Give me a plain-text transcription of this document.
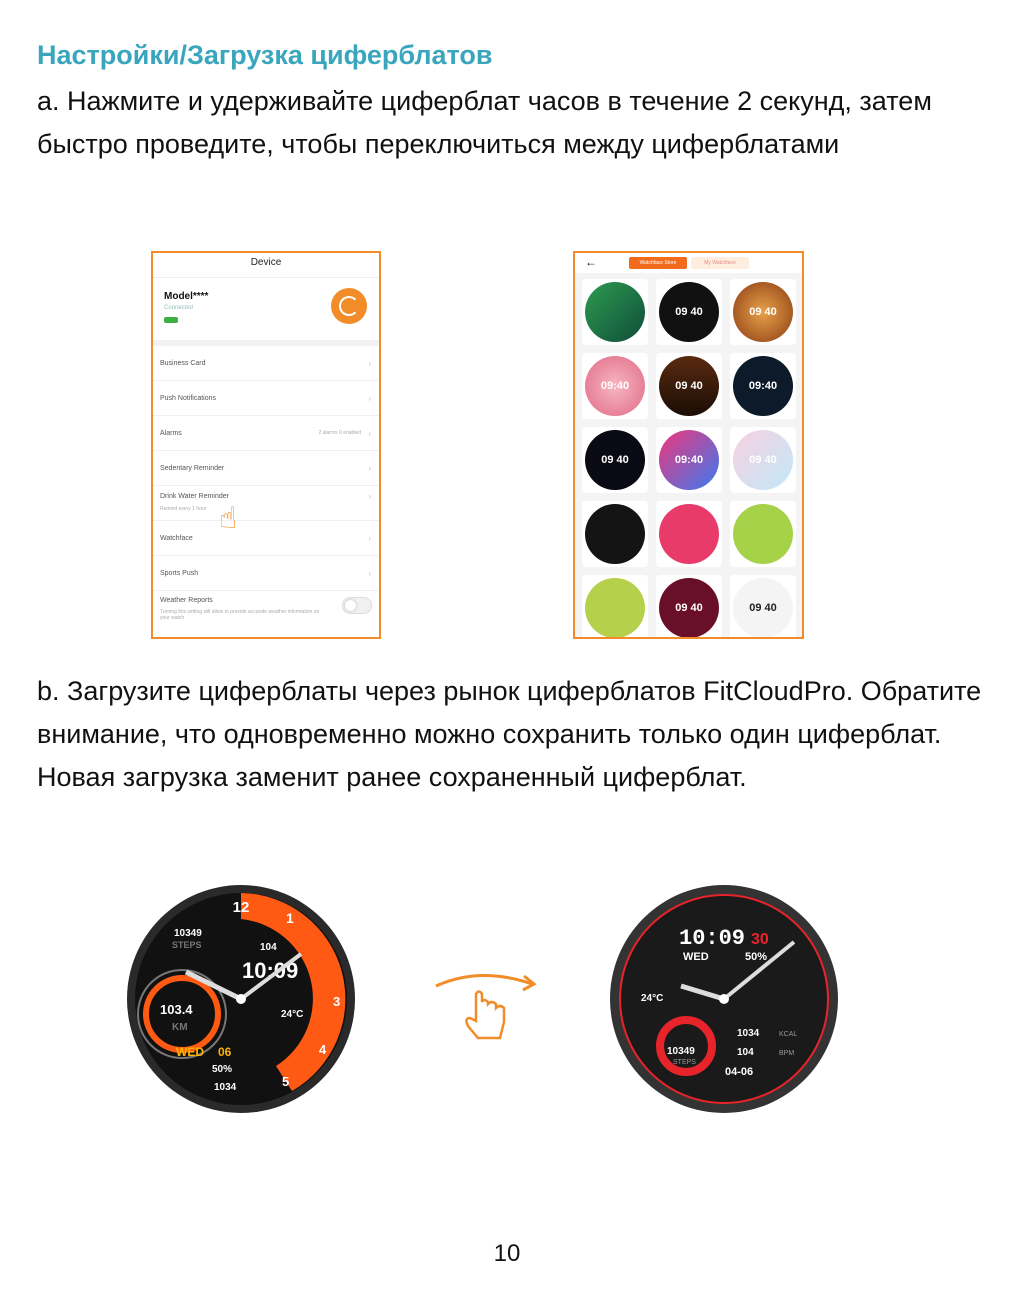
Настройки/Загрузка циферблатов
a. Нажмите и удерживайте циферблат часов в течение 2 секунд, затем быстро проведите, чтобы переключиться между циферблатами
Device
Model****
Connected
Business Card	›
Push Notifications	›
Alarms	2 alarms 0 enabled ›
Sedentary Reminder	›
Drink Water Reminder
Remind every 1 hour
›
Watchface	›
Sports Push	›
Weather Reports
Turning this setting will allow to provide accurate weather information on your watch
☝
←	Watchface Store	My Watchface
09 40	09 40
09:40	09 40	09:40
09 40	09:40	09 40
09 40	09 40
b. Загрузите циферблаты через рынок циферблатов FitCloudPro. Обратите внимание, что одновременно можно сохранить только один циферблат. Новая загрузка заменит ранее сохраненный циферблат.
12
1
3
4
5
10349
STEPS	104
10:09
103.4
KM
24°C
WED 06
50%
1034
10:09 30
WED	50%
24°C
1034	KCAL
10349
STEPS
104	BPM
04-06
10
